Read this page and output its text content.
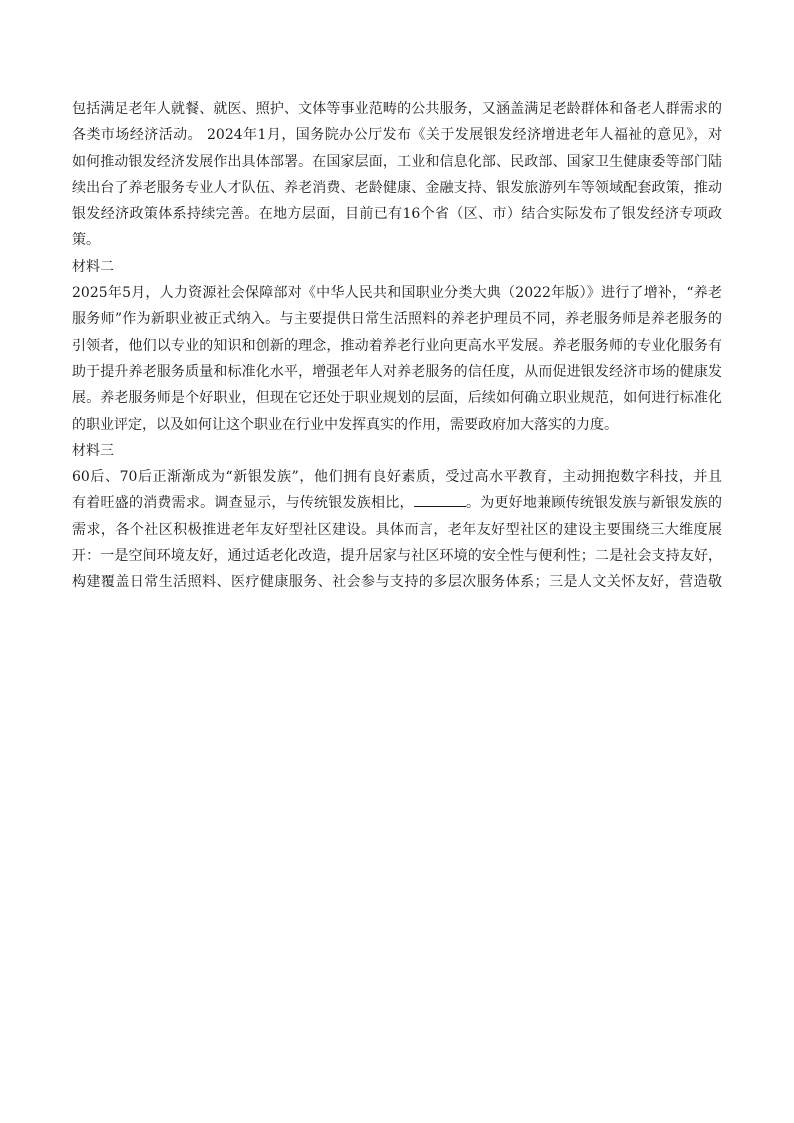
包括满足老年人就餐、就医、照护、文体等事业范畴的公共服务，又涵盖满足老龄群体和备老人群需求的
各类市场经济活动。 2024年1月，国务院办公厅发布《关于发展银发经济增进老年人福祉的意见》，对
如何推动银发经济发展作出具体部署。在国家层面，工业和信息化部、民政部、国家卫生健康委等部门陆
续出台了养老服务专业人才队伍、养老消费、老龄健康、金融支持、银发旅游列车等领域配套政策，推动
银发经济政策体系持续完善。在地方层面，目前已有16个省（区、市）结合实际发布了银发经济专项政
策。
材料二
2025年5月，人力资源社会保障部对《中华人民共和国职业分类大典（2022年版）》进行了增补，“养老
服务师”作为新职业被正式纳入。与主要提供日常生活照料的养老护理员不同，养老服务师是养老服务的
引领者，他们以专业的知识和创新的理念，推动着养老行业向更高水平发展。养老服务师的专业化服务有
助于提升养老服务质量和标准化水平，增强老年人对养老服务的信任度，从而促进银发经济市场的健康发
展。养老服务师是个好职业，但现在它还处于职业规划的层面，后续如何确立职业规范，如何进行标准化
的职业评定，以及如何让这个职业在行业中发挥真实的作用，需要政府加大落实的力度。
材料三
60后、70后正渐渐成为“新银发族”，他们拥有良好素质，受过高水平教育，主动拥抱数字科技，并且
有着旺盛的消费需求。调查显示，与传统银发族相比，	。为更好地兼顾传统银发族与新银发族的
需求，各个社区积极推进老年友好型社区建设。具体而言，老年友好型社区的建设主要围绕三大维度展
开：一是空间环境友好，通过适老化改造，提升居家与社区环境的安全性与便利性；二是社会支持友好，
构建覆盖日常生活照料、医疗健康服务、社会参与支持的多层次服务体系；三是人文关怀友好，营造敬
